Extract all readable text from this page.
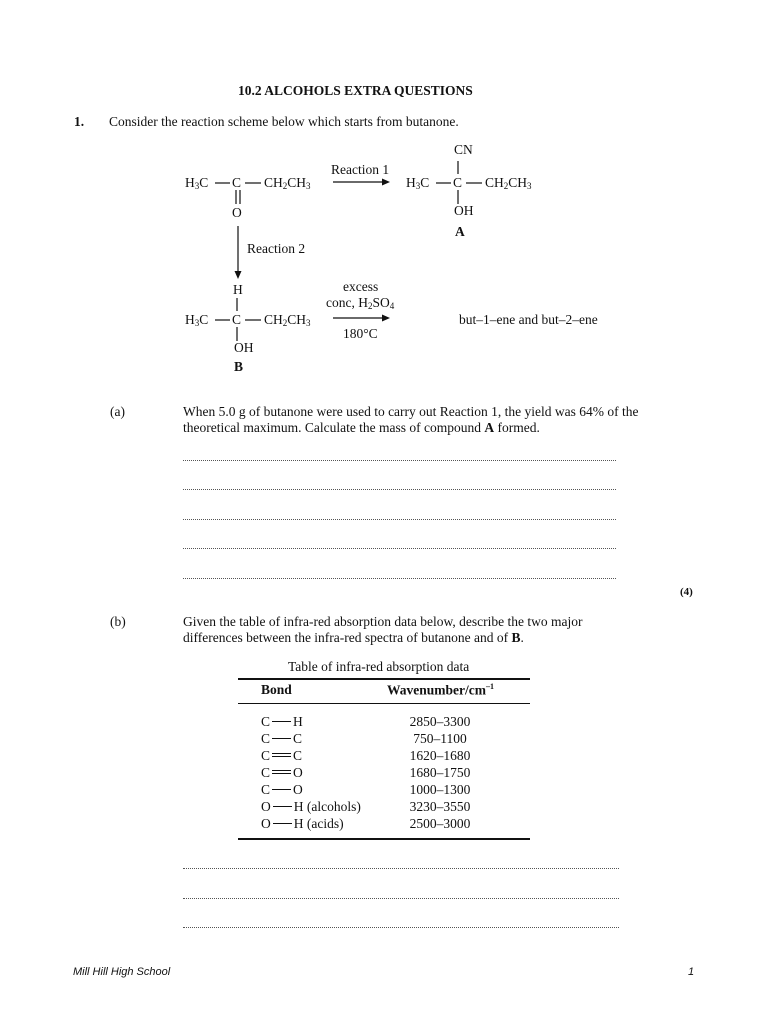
10.2 ALCOHOLS EXTRA QUESTIONS
1. Consider the reaction scheme below which starts from butanone.
$H_3C$ C $CH_2CH_3$
O
Reaction 1
CN
$H_3C$ C $CH_2CH_3$
OH
A
Reaction 2
H
$H_3C$ C $CH_2CH_3$
OH
B
excess
conc, $H_2SO_4$
180°C
but–1–ene and but–2–ene
(a)	When 5.0 g of butanone were used to carry out Reaction 1, the yield was 64% of the
theoretical maximum. Calculate the mass of compound A formed.
(4)
(b)	Given the table of infra-red absorption data below, describe the two major
differences between the infra-red spectra of butanone and of B.
Table of infra-red absorption data
Bond	Wavenumber/$cm^{-1}$
C H	2850–3300
C C	750–1100
C C	1620–1680
C O	1680–1750
C O	1000–1300
O H (alcohols)	3230–3550
O H (acids)	2500–3000
Mill Hill High School	1
